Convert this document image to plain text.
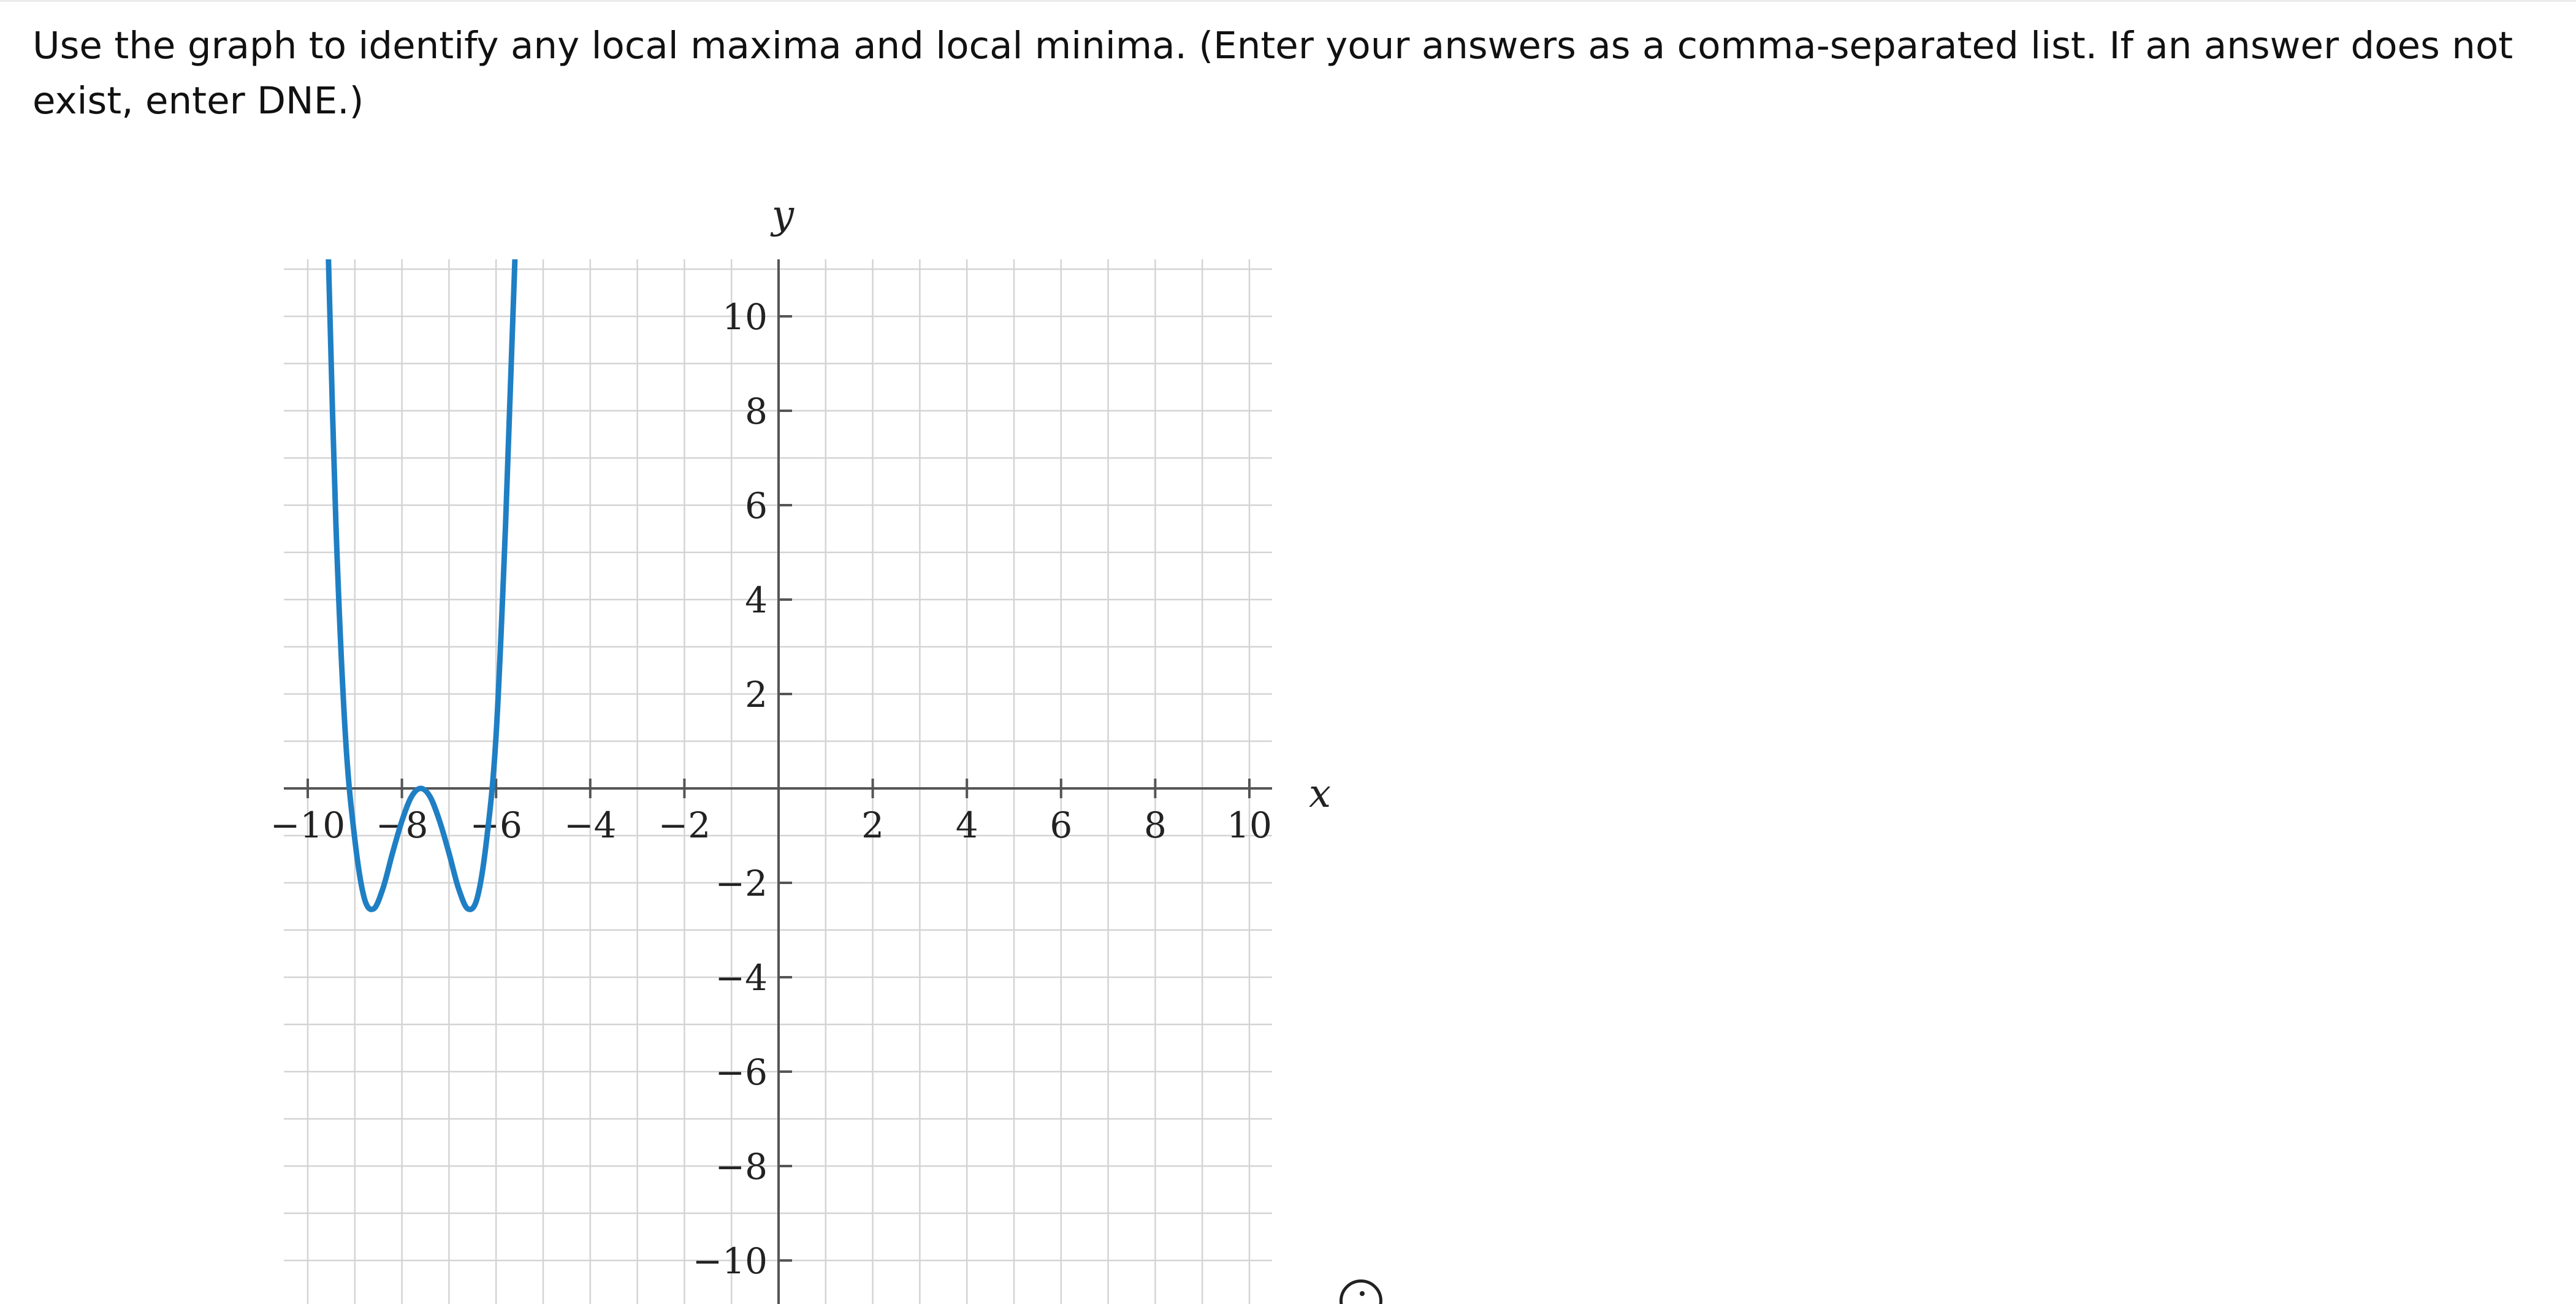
Use the graph to identify any local maxima and local minima. (Enter your answers as a comma-separated list. If an answer does not exist, enter DNE.)
x
y
−10 −8 −6 −4 −2	2 4 6 8 10
10
8
6
4
2
−2
−4
−6
−8
−10
